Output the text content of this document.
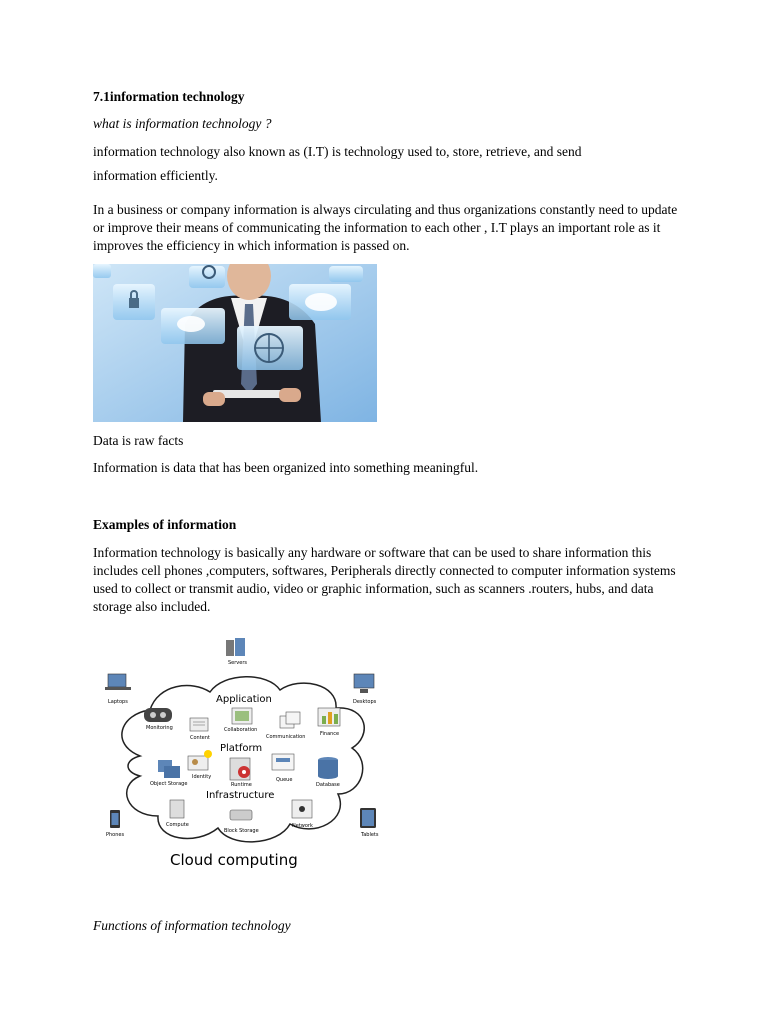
7.1information technology

what is information technology ?

information technology also known as (I.T) is technology used to, store, retrieve, and send

information efficiently.

In a business or company information is always circulating and thus organizations constantly need to update or improve their means of communicating the information to each other , I.T plays an important role as it improves the efficiency in which information is passed on.

Data is raw facts

Information is data that has been organized into something meaningful.

Examples of information

Information technology is basically any hardware or software that can be used to share information this includes cell phones ,computers, softwares, Peripherals directly connected to computer information systems used to collect or transmit audio, video or graphic information, such as scanners .routers, hubs, and data storage also included.

Cloud computing
Application
Platform
Infrastructure
Servers
Laptops	Desktops
Phones	Tablets
Monitoring
Content
Collaboration
Communication	Finance
Identity
Runtime
Queue
Object Storage	Database
Compute
Block Storage
Network

Functions of information technology
